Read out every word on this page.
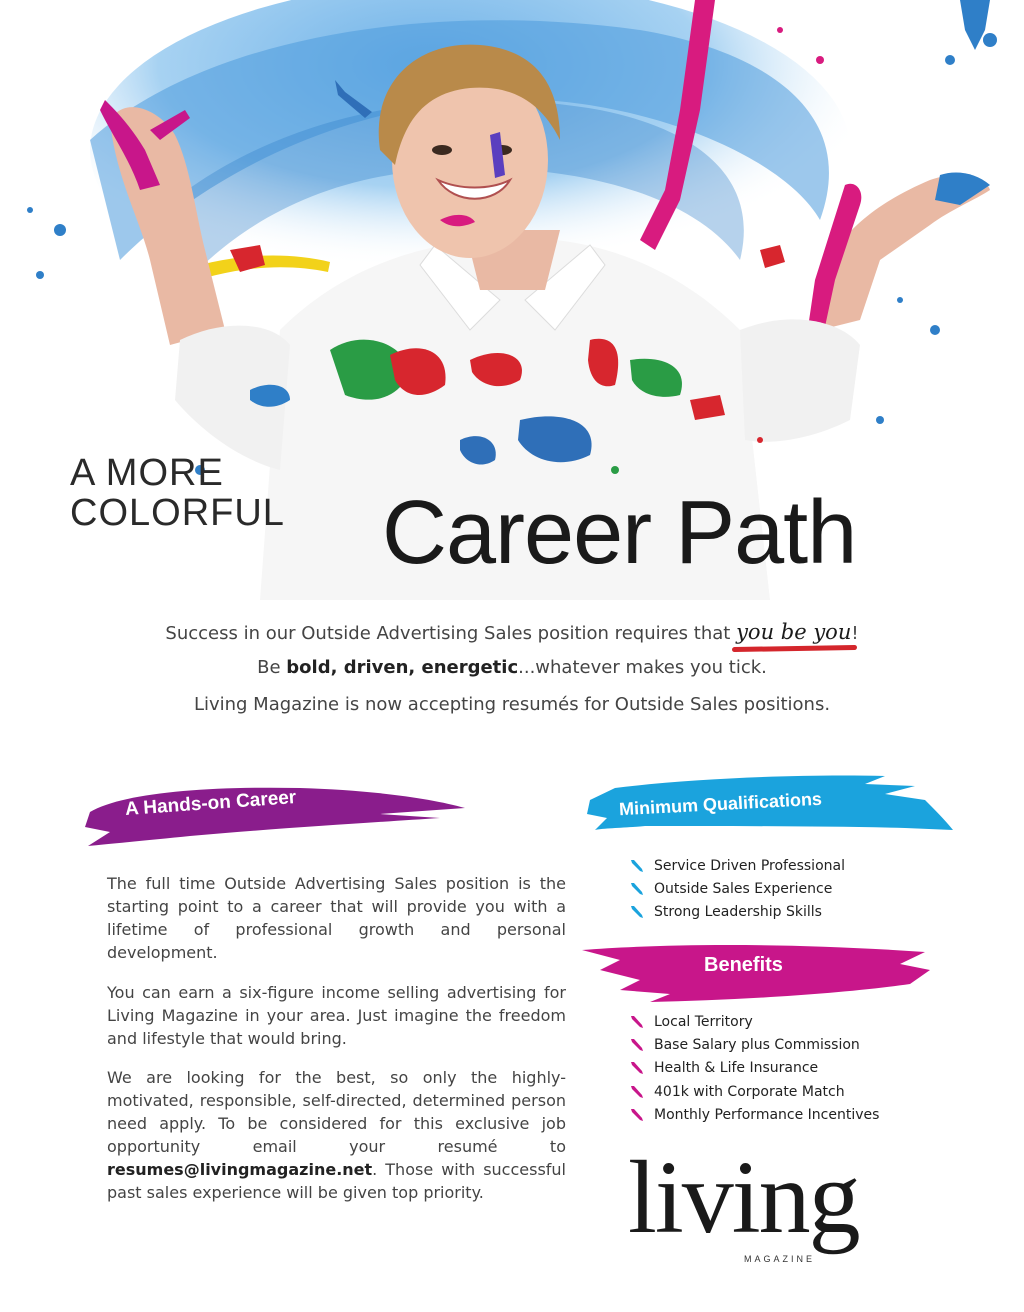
A MORE
COLORFUL Career Path
Success in our Outside Advertising Sales position requires that you be you!
Be bold, driven, energetic...whatever makes you tick.
Living Magazine is now accepting resumés for Outside Sales positions.
A Hands-on Career

The full time Outside Advertising Sales position is the starting point to a career that will provide you with a lifetime of professional growth and personal development.

You can earn a six-figure income selling advertising for Living Magazine in your area. Just imagine the freedom and lifestyle that would bring.

We are looking for the best, so only the highly-motivated, responsible, self-directed, determined person need apply. To be considered for this exclusive job opportunity email your resumé to resumes@livingmagazine.net. Those with successful past sales experience will be given top priority.

Minimum Qualifications
Service Driven Professional
Outside Sales Experience
Strong Leadership Skills
Benefits
Local Territory
Base Salary plus Commission
Health & Life Insurance
401k with Corporate Match
Monthly Performance Incentives
living
MAGAZINE
